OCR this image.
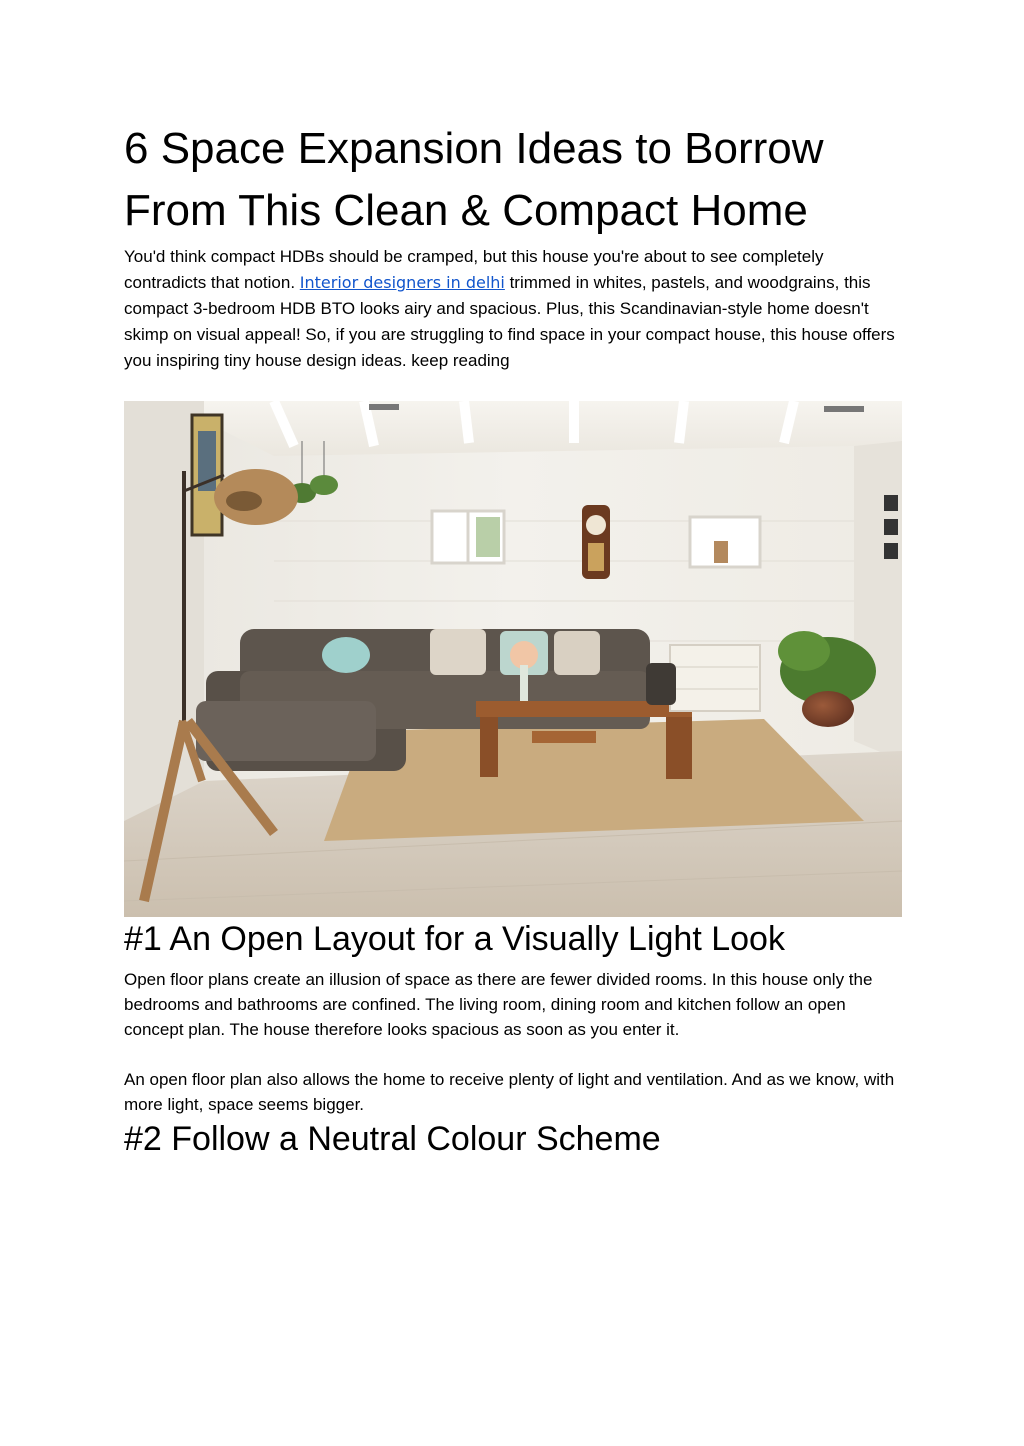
6 Space Expansion Ideas to Borrow From This Clean & Compact Home

You'd think compact HDBs should be cramped, but this house you're about to see completely contradicts that notion. Interior designers in delhi trimmed in whites, pastels, and woodgrains, this compact 3-bedroom HDB BTO looks airy and spacious. Plus, this Scandinavian-style home doesn't skimp on visual appeal! So, if you are struggling to find space in your compact house, this house offers you inspiring tiny house design ideas. keep reading

#1 An Open Layout for a Visually Light Look

Open floor plans create an illusion of space as there are fewer divided rooms. In this house only the bedrooms and bathrooms are confined. The living room, dining room and kitchen follow an open concept plan. The house therefore looks spacious as soon as you enter it.

An open floor plan also allows the home to receive plenty of light and ventilation. And as we know, with more light, space seems bigger.

#2 Follow a Neutral Colour Scheme
